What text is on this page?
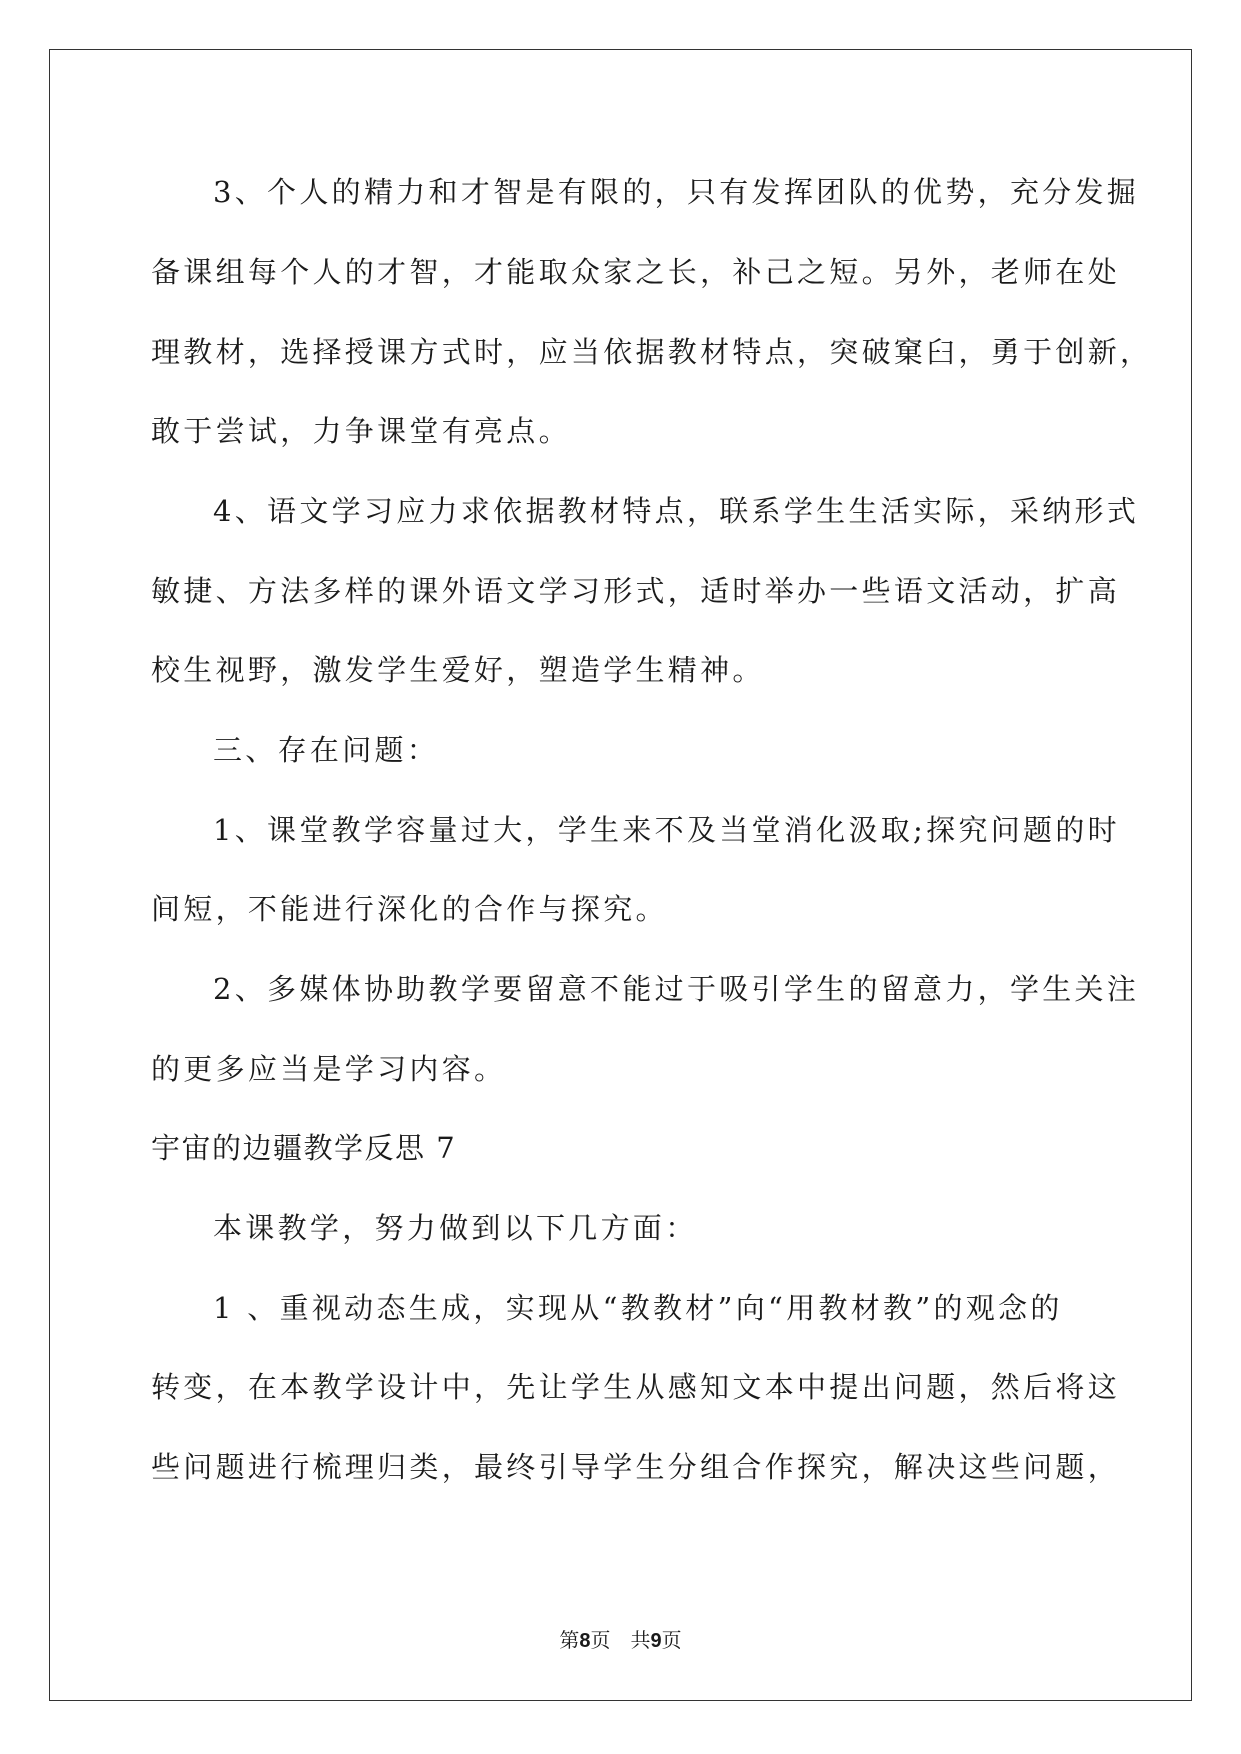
3、个人的精力和才智是有限的，只有发挥团队的优势，充分发掘
备课组每个人的才智，才能取众家之长，补己之短。另外，老师在处
理教材，选择授课方式时，应当依据教材特点，突破窠臼，勇于创新，
敢于尝试，力争课堂有亮点。
4、语文学习应力求依据教材特点，联系学生生活实际，采纳形式
敏捷、方法多样的课外语文学习形式，适时举办一些语文活动，扩高
校生视野，激发学生爱好，塑造学生精神。
三、存在问题：
1、课堂教学容量过大，学生来不及当堂消化汲取;探究问题的时
间短，不能进行深化的合作与探究。
2、多媒体协助教学要留意不能过于吸引学生的留意力，学生关注
的更多应当是学习内容。
宇宙的边疆教学反思 7
本课教学，努力做到以下几方面：
1 、重视动态生成，实现从“教教材”向“用教材教”的观念的
转变，在本教学设计中，先让学生从感知文本中提出问题，然后将这
些问题进行梳理归类，最终引导学生分组合作探究，解决这些问题，
第8页　共9页
